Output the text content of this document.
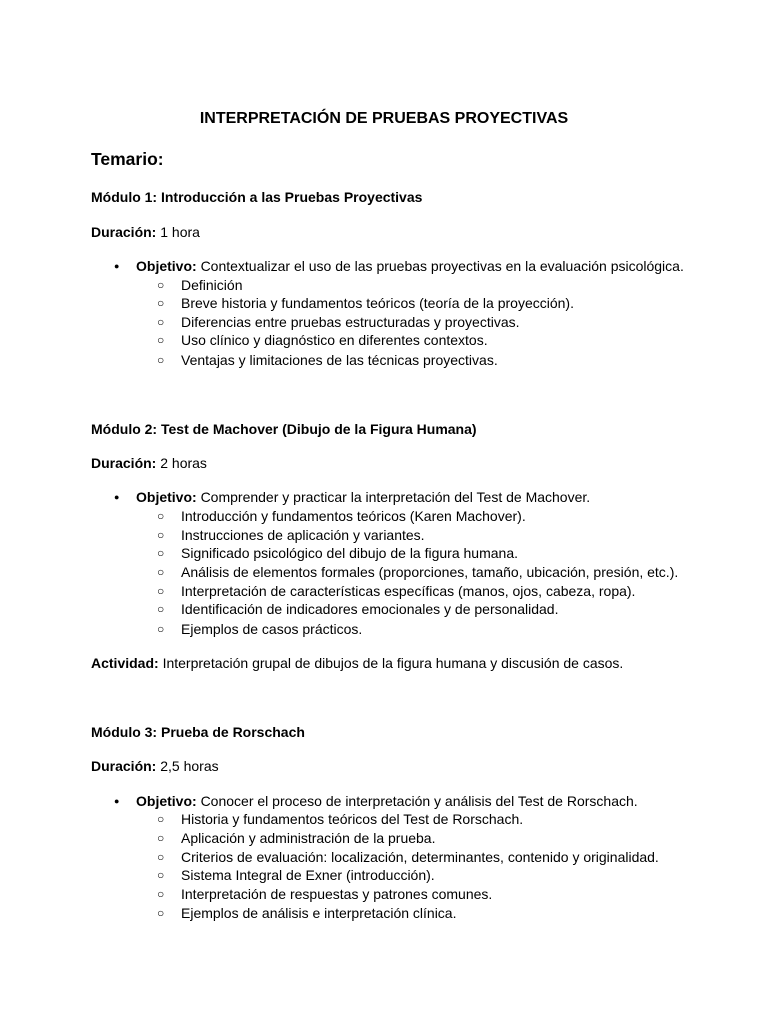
INTERPRETACIÓN DE PRUEBAS PROYECTIVAS
Temario:
Módulo 1: Introducción a las Pruebas Proyectivas
Duración: 1 hora
● Objetivo: Contextualizar el uso de las pruebas proyectivas en la evaluación psicológica.
○ Definición
○ Breve historia y fundamentos teóricos (teoría de la proyección).
○ Diferencias entre pruebas estructuradas y proyectivas.
○ Uso clínico y diagnóstico en diferentes contextos.
○ Ventajas y limitaciones de las técnicas proyectivas.
Módulo 2: Test de Machover (Dibujo de la Figura Humana)
Duración: 2 horas
● Objetivo: Comprender y practicar la interpretación del Test de Machover.
○ Introducción y fundamentos teóricos (Karen Machover).
○ Instrucciones de aplicación y variantes.
○ Significado psicológico del dibujo de la figura humana.
○ Análisis de elementos formales (proporciones, tamaño, ubicación, presión, etc.).
○ Interpretación de características específicas (manos, ojos, cabeza, ropa).
○ Identificación de indicadores emocionales y de personalidad.
○ Ejemplos de casos prácticos.
Actividad: Interpretación grupal de dibujos de la figura humana y discusión de casos.
Módulo 3: Prueba de Rorschach
Duración: 2,5 horas
● Objetivo: Conocer el proceso de interpretación y análisis del Test de Rorschach.
○ Historia y fundamentos teóricos del Test de Rorschach.
○ Aplicación y administración de la prueba.
○ Criterios de evaluación: localización, determinantes, contenido y originalidad.
○ Sistema Integral de Exner (introducción).
○ Interpretación de respuestas y patrones comunes.
○ Ejemplos de análisis e interpretación clínica.
